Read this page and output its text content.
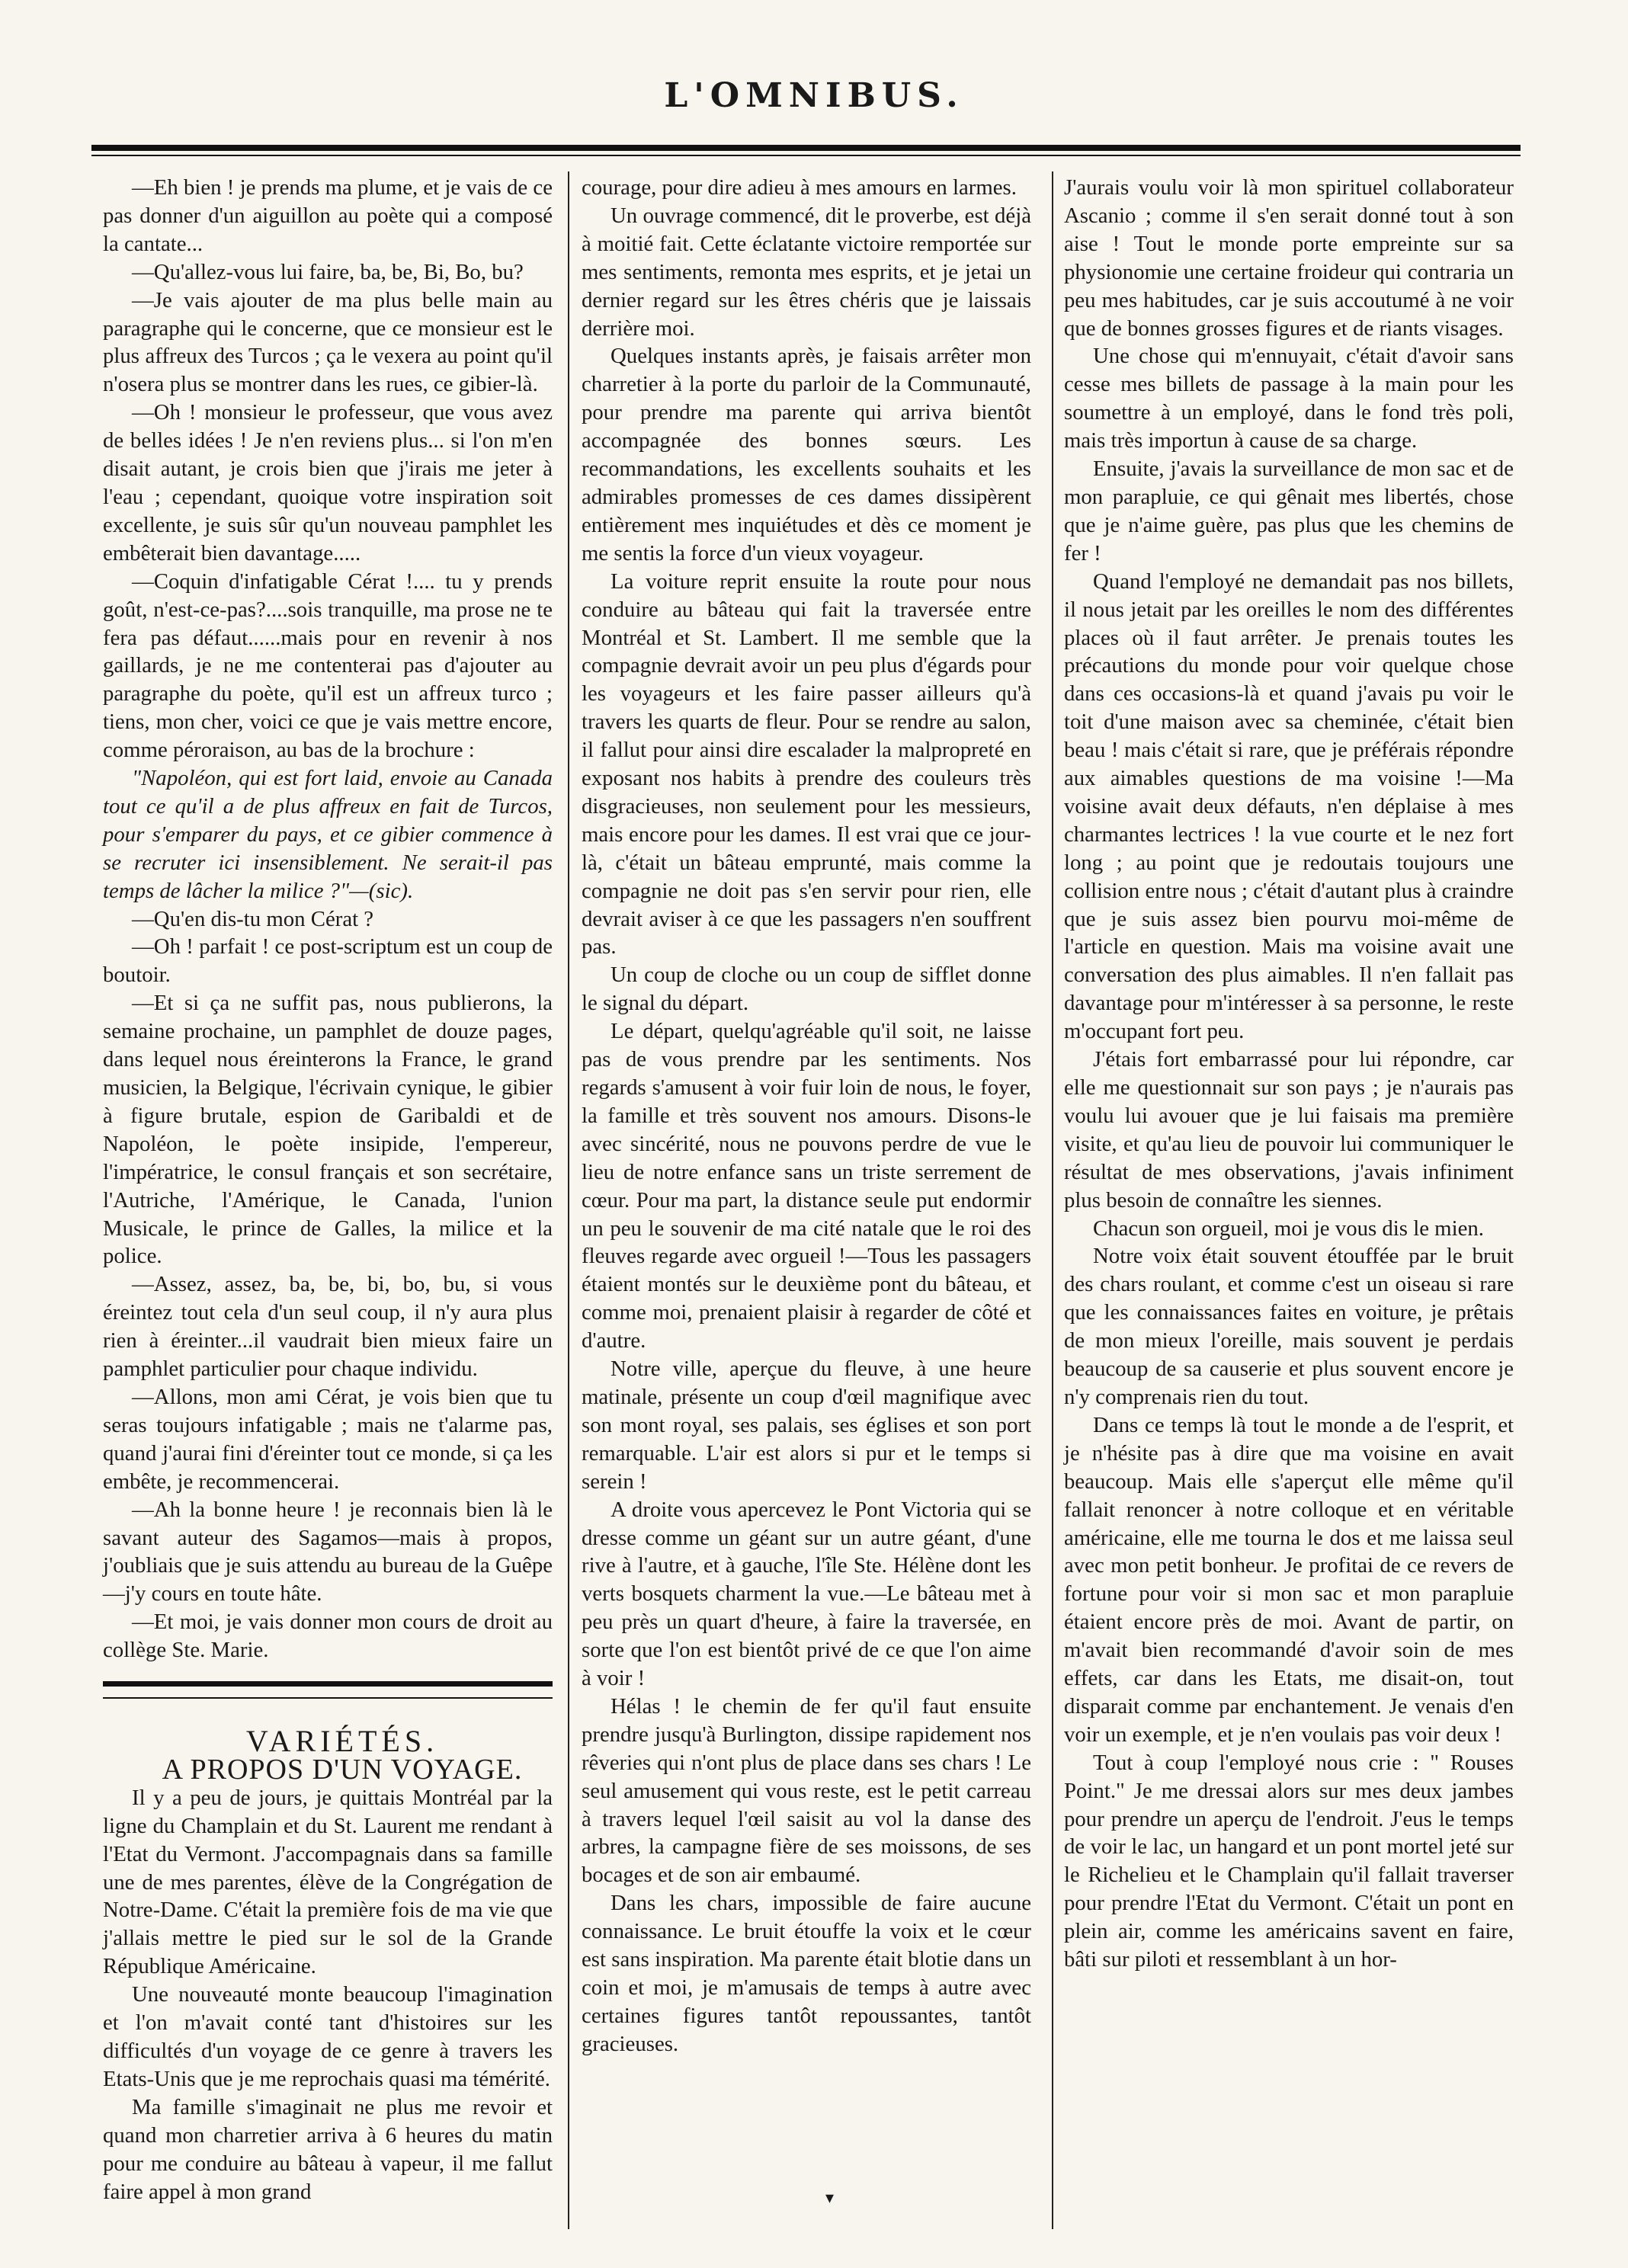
L'OMNIBUS.

—Eh bien ! je prends ma plume, et je vais de ce pas donner d'un aiguillon au poète qui a composé la cantate...

—Qu'allez-vous lui faire, ba, be, Bi, Bo, bu?

—Je vais ajouter de ma plus belle main au paragraphe qui le concerne, que ce monsieur est le plus affreux des Turcos ; ça le vexera au point qu'il n'osera plus se montrer dans les rues, ce gibier-là.

—Oh ! monsieur le professeur, que vous avez de belles idées ! Je n'en reviens plus... si l'on m'en disait autant, je crois bien que j'irais me jeter à l'eau ; cependant, quoique votre inspiration soit excellente, je suis sûr qu'un nouveau pamphlet les embêterait bien davantage.....

—Coquin d'infatigable Cérat !.... tu y prends goût, n'est-ce-pas?....sois tranquille, ma prose ne te fera pas défaut......mais pour en revenir à nos gaillards, je ne me contenterai pas d'ajouter au paragraphe du poète, qu'il est un affreux turco ; tiens, mon cher, voici ce que je vais mettre encore, comme péroraison, au bas de la brochure :

"Napoléon, qui est fort laid, envoie au Canada tout ce qu'il a de plus affreux en fait de Turcos, pour s'emparer du pays, et ce gibier commence à se recruter ici insensiblement. Ne serait-il pas temps de lâcher la milice ?"—(sic).

—Qu'en dis-tu mon Cérat ?

—Oh ! parfait ! ce post-scriptum est un coup de boutoir.

—Et si ça ne suffit pas, nous publierons, la semaine prochaine, un pamphlet de douze pages, dans lequel nous éreinterons la France, le grand musicien, la Belgique, l'écrivain cynique, le gibier à figure brutale, espion de Garibaldi et de Napoléon, le poète insipide, l'empereur, l'impératrice, le consul français et son secrétaire, l'Autriche, l'Amérique, le Canada, l'union Musicale, le prince de Galles, la milice et la police.

—Assez, assez, ba, be, bi, bo, bu, si vous éreintez tout cela d'un seul coup, il n'y aura plus rien à éreinter...il vaudrait bien mieux faire un pamphlet particulier pour chaque individu.

—Allons, mon ami Cérat, je vois bien que tu seras toujours infatigable ; mais ne t'alarme pas, quand j'aurai fini d'éreinter tout ce monde, si ça les embête, je recommencerai.

—Ah la bonne heure ! je reconnais bien là le savant auteur des Sagamos—mais à propos, j'oubliais que je suis attendu au bureau de la Guêpe—j'y cours en toute hâte.

—Et moi, je vais donner mon cours de droit au collège Ste. Marie.

VARIÉTÉS.

A PROPOS D'UN VOYAGE.

Il y a peu de jours, je quittais Montréal par la ligne du Champlain et du St. Laurent me rendant à l'Etat du Vermont. J'accompagnais dans sa famille une de mes parentes, élève de la Congrégation de Notre-Dame. C'était la première fois de ma vie que j'allais mettre le pied sur le sol de la Grande République Américaine.

Une nouveauté monte beaucoup l'imagination et l'on m'avait conté tant d'histoires sur les difficultés d'un voyage de ce genre à travers les Etats-Unis que je me reprochais quasi ma témérité.

Ma famille s'imaginait ne plus me revoir et quand mon charretier arriva à 6 heures du matin pour me conduire au bâteau à vapeur, il me fallut faire appel à mon grand

courage, pour dire adieu à mes amours en larmes.

Un ouvrage commencé, dit le proverbe, est déjà à moitié fait. Cette éclatante victoire remportée sur mes sentiments, remonta mes esprits, et je jetai un dernier regard sur les êtres chéris que je laissais derrière moi.

Quelques instants après, je faisais arrêter mon charretier à la porte du parloir de la Communauté, pour prendre ma parente qui arriva bientôt accompagnée des bonnes sœurs. Les recommandations, les excellents souhaits et les admirables promesses de ces dames dissipèrent entièrement mes inquiétudes et dès ce moment je me sentis la force d'un vieux voyageur.

La voiture reprit ensuite la route pour nous conduire au bâteau qui fait la traversée entre Montréal et St. Lambert. Il me semble que la compagnie devrait avoir un peu plus d'égards pour les voyageurs et les faire passer ailleurs qu'à travers les quarts de fleur. Pour se rendre au salon, il fallut pour ainsi dire escalader la malpropreté en exposant nos habits à prendre des couleurs très disgracieuses, non seulement pour les messieurs, mais encore pour les dames. Il est vrai que ce jour-là, c'était un bâteau emprunté, mais comme la compagnie ne doit pas s'en servir pour rien, elle devrait aviser à ce que les passagers n'en souffrent pas.

Un coup de cloche ou un coup de sifflet donne le signal du départ.

Le départ, quelqu'agréable qu'il soit, ne laisse pas de vous prendre par les sentiments. Nos regards s'amusent à voir fuir loin de nous, le foyer, la famille et très souvent nos amours. Disons-le avec sincérité, nous ne pouvons perdre de vue le lieu de notre enfance sans un triste serrement de cœur. Pour ma part, la distance seule put endormir un peu le souvenir de ma cité natale que le roi des fleuves regarde avec orgueil !—Tous les passagers étaient montés sur le deuxième pont du bâteau, et comme moi, prenaient plaisir à regarder de côté et d'autre.

Notre ville, aperçue du fleuve, à une heure matinale, présente un coup d'œil magnifique avec son mont royal, ses palais, ses églises et son port remarquable. L'air est alors si pur et le temps si serein !

A droite vous apercevez le Pont Victoria qui se dresse comme un géant sur un autre géant, d'une rive à l'autre, et à gauche, l'île Ste. Hélène dont les verts bosquets charment la vue.—Le bâteau met à peu près un quart d'heure, à faire la traversée, en sorte que l'on est bientôt privé de ce que l'on aime à voir !

Hélas ! le chemin de fer qu'il faut ensuite prendre jusqu'à Burlington, dissipe rapidement nos rêveries qui n'ont plus de place dans ses chars ! Le seul amusement qui vous reste, est le petit carreau à travers lequel l'œil saisit au vol la danse des arbres, la campagne fière de ses moissons, de ses bocages et de son air embaumé.

Dans les chars, impossible de faire aucune connaissance. Le bruit étouffe la voix et le cœur est sans inspiration. Ma parente était blotie dans un coin et moi, je m'amusais de temps à autre avec certaines figures tantôt repoussantes, tantôt gracieuses.

J'aurais voulu voir là mon spirituel collaborateur Ascanio ; comme il s'en serait donné tout à son aise ! Tout le monde porte empreinte sur sa physionomie une certaine froideur qui contraria un peu mes habitudes, car je suis accoutumé à ne voir que de bonnes grosses figures et de riants visages.

Une chose qui m'ennuyait, c'était d'avoir sans cesse mes billets de passage à la main pour les soumettre à un employé, dans le fond très poli, mais très importun à cause de sa charge.

Ensuite, j'avais la surveillance de mon sac et de mon parapluie, ce qui gênait mes libertés, chose que je n'aime guère, pas plus que les chemins de fer !

Quand l'employé ne demandait pas nos billets, il nous jetait par les oreilles le nom des différentes places où il faut arrêter. Je prenais toutes les précautions du monde pour voir quelque chose dans ces occasions-là et quand j'avais pu voir le toit d'une maison avec sa cheminée, c'était bien beau ! mais c'était si rare, que je préférais répondre aux aimables questions de ma voisine !—Ma voisine avait deux défauts, n'en déplaise à mes charmantes lectrices ! la vue courte et le nez fort long ; au point que je redoutais toujours une collision entre nous ; c'était d'autant plus à craindre que je suis assez bien pourvu moi-même de l'article en question. Mais ma voisine avait une conversation des plus aimables. Il n'en fallait pas davantage pour m'intéresser à sa personne, le reste m'occupant fort peu.

J'étais fort embarrassé pour lui répondre, car elle me questionnait sur son pays ; je n'aurais pas voulu lui avouer que je lui faisais ma première visite, et qu'au lieu de pouvoir lui communiquer le résultat de mes observations, j'avais infiniment plus besoin de connaître les siennes.

Chacun son orgueil, moi je vous dis le mien.

Notre voix était souvent étouffée par le bruit des chars roulant, et comme c'est un oiseau si rare que les connaissances faites en voiture, je prêtais de mon mieux l'oreille, mais souvent je perdais beaucoup de sa causerie et plus souvent encore je n'y comprenais rien du tout.

Dans ce temps là tout le monde a de l'esprit, et je n'hésite pas à dire que ma voisine en avait beaucoup. Mais elle s'aperçut elle même qu'il fallait renoncer à notre colloque et en véritable américaine, elle me tourna le dos et me laissa seul avec mon petit bonheur. Je profitai de ce revers de fortune pour voir si mon sac et mon parapluie étaient encore près de moi. Avant de partir, on m'avait bien recommandé d'avoir soin de mes effets, car dans les Etats, me disait-on, tout disparait comme par enchantement. Je venais d'en voir un exemple, et je n'en voulais pas voir deux !

Tout à coup l'employé nous crie : " Rouses Point." Je me dressai alors sur mes deux jambes pour prendre un aperçu de l'endroit. J'eus le temps de voir le lac, un hangard et un pont mortel jeté sur le Richelieu et le Champlain qu'il fallait traverser pour prendre l'Etat du Vermont. C'était un pont en plein air, comme les américains savent en faire, bâti sur piloti et ressemblant à un hor-

▾
